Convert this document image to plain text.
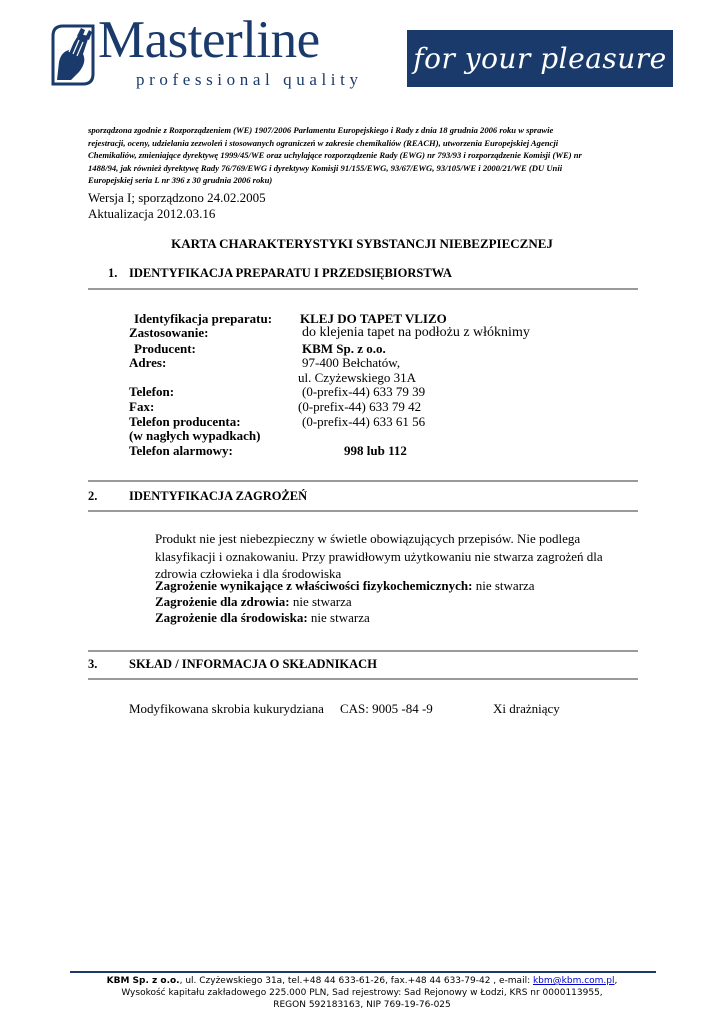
Masterline
professional quality
for your pleasure
sporządzona zgodnie z Rozporządzeniem (WE) 1907/2006 Parlamentu Europejskiego i Rady z dnia 18 grudnia 2006 roku w sprawie rejestracji, oceny, udzielania zezwoleń i stosowanych ograniczeń w zakresie chemikaliów (REACH), utworzenia Europejskiej Agencji Chemikaliów, zmieniające dyrektywę 1999/45/WE oraz uchylające rozporządzenie Rady (EWG) nr 793/93 i rozporządzenie Komisji (WE) nr 1488/94, jak również dyrektywę Rady 76/769/EWG i dyrektywy Komisji 91/155/EWG, 93/67/EWG, 93/105/WE i 2000/21/WE (DU Unii Europejskiej seria L nr 396 z 30 grudnia 2006 roku)
Wersja I; sporządzono 24.02.2005
Aktualizacja 2012.03.16
KARTA CHARAKTERYSTYKI SYBSTANCJI NIEBEZPIECZNEJ
1. IDENTYFIKACJA PREPARATU I PRZEDSIĘBIORSTWA
Identyfikacja preparatu: KLEJ DO TAPET VLIZO
Zastosowanie:	do klejenia tapet na podłożu z włóknimy
Producent:	KBM Sp. z o.o.
Adres:	97-400 Bełchatów,
ul. Czyżewskiego 31A
Telefon:	(0-prefix-44) 633 79 39
Fax:	(0-prefix-44) 633 79 42
Telefon producenta:	(0-prefix-44) 633 61 56
(w nagłych wypadkach)
Telefon alarmowy:	998 lub 112
2.	IDENTYFIKACJA ZAGROŻEŃ
Produkt nie jest niebezpieczny w świetle obowiązujących przepisów. Nie podlega klasyfikacji i oznakowaniu. Przy prawidłowym użytkowaniu nie stwarza zagrożeń dla zdrowia człowieka i dla środowiska
Zagrożenie wynikające z właściwości fizykochemicznych: nie stwarza
Zagrożenie dla zdrowia: nie stwarza
Zagrożenie dla środowiska: nie stwarza
3.	SKŁAD / INFORMACJA O SKŁADNIKACH
Modyfikowana skrobia kukurydziana CAS: 9005 -84 -9	Xi drażniący
KBM Sp. z o.o., ul. Czyżewskiego 31a, tel.+48 44 633-61-26, fax.+48 44 633-79-42 , e-mail: kbm@kbm.com.pl,
Wysokość kapitału zakładowego 225.000 PLN, Sad rejestrowy: Sad Rejonowy w Łodzi, KRS nr 0000113955,
REGON 592183163, NIP 769-19-76-025
